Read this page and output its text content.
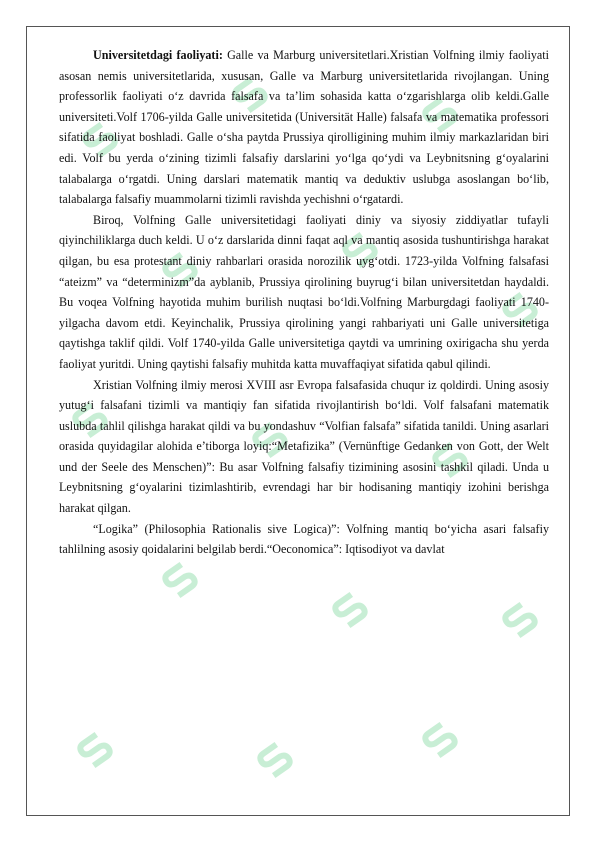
Universitetdagi faoliyati: Galle va Marburg universitetlari.Xristian Volfning ilmiy faoliyati asosan nemis universitetlarida, xususan, Galle va Marburg universitetlarida rivojlangan. Uning professorlik faoliyati o‘z davrida falsafa va ta’lim sohasida katta o‘zgarishlarga olib keldi.Galle universiteti.Volf 1706-yilda Galle universitetida (Universität Halle) falsafa va matematika professori sifatida faoliyat boshladi. Galle o‘sha paytda Prussiya qirolligining muhim ilmiy markazlaridan biri edi. Volf bu yerda o‘zining tizimli falsafiy darslarini yo‘lga qo‘ydi va Leybnitsning g‘oyalarini talabalarga o‘rgatdi. Uning darslari matematik mantiq va deduktiv uslubga asoslangan bo‘lib, talabalarga falsafiy muammolarni tizimli ravishda yechishni o‘rgatardi.

Biroq, Volfning Galle universitetidagi faoliyati diniy va siyosiy ziddiyatlar tufayli qiyinchiliklarga duch keldi. U o‘z darslarida dinni faqat aql va mantiq asosida tushuntirishga harakat qilgan, bu esa protestant diniy rahbarlari orasida norozilik uyg‘otdi. 1723-yilda Volfning falsafasi “ateizm” va “determinizm”da ayblanib, Prussiya qirolining buyrug‘i bilan universitetdan haydaldi. Bu voqea Volfning hayotida muhim burilish nuqtasi bo‘ldi.Volfning Marburgdagi faoliyati 1740-yilgacha davom etdi. Keyinchalik, Prussiya qirolining yangi rahbariyati uni Galle universitetiga qaytishga taklif qildi. Volf 1740-yilda Galle universitetiga qaytdi va umrining oxirigacha shu yerda faoliyat yuritdi. Uning qaytishi falsafiy muhitda katta muvaffaqiyat sifatida qabul qilindi.

Xristian Volfning ilmiy merosi XVIII asr Evropa falsafasida chuqur iz qoldirdi. Uning asosiy yutug‘i falsafani tizimli va mantiqiy fan sifatida rivojlantirish bo‘ldi. Volf falsafani matematik uslubda tahlil qilishga harakat qildi va bu yondashuv “Volfian falsafa” sifatida tanildi. Uning asarlari orasida quyidagilar alohida e’tiborga loyiq:“Metafizika” (Vernünftige Gedanken von Gott, der Welt und der Seele des Menschen)”: Bu asar Volfning falsafiy tizimining asosini tashkil qiladi. Unda u Leybnitsning g‘oyalarini tizimlashtirib, evrendagi har bir hodisaning mantiqiy izohini berishga harakat qilgan.

“Logika” (Philosophia Rationalis sive Logica)”: Volfning mantiq bo‘yicha asari falsafiy tahlilning asosiy qoidalarini belgilab berdi.“Oeconomica”: Iqtisodiyot va davlat
